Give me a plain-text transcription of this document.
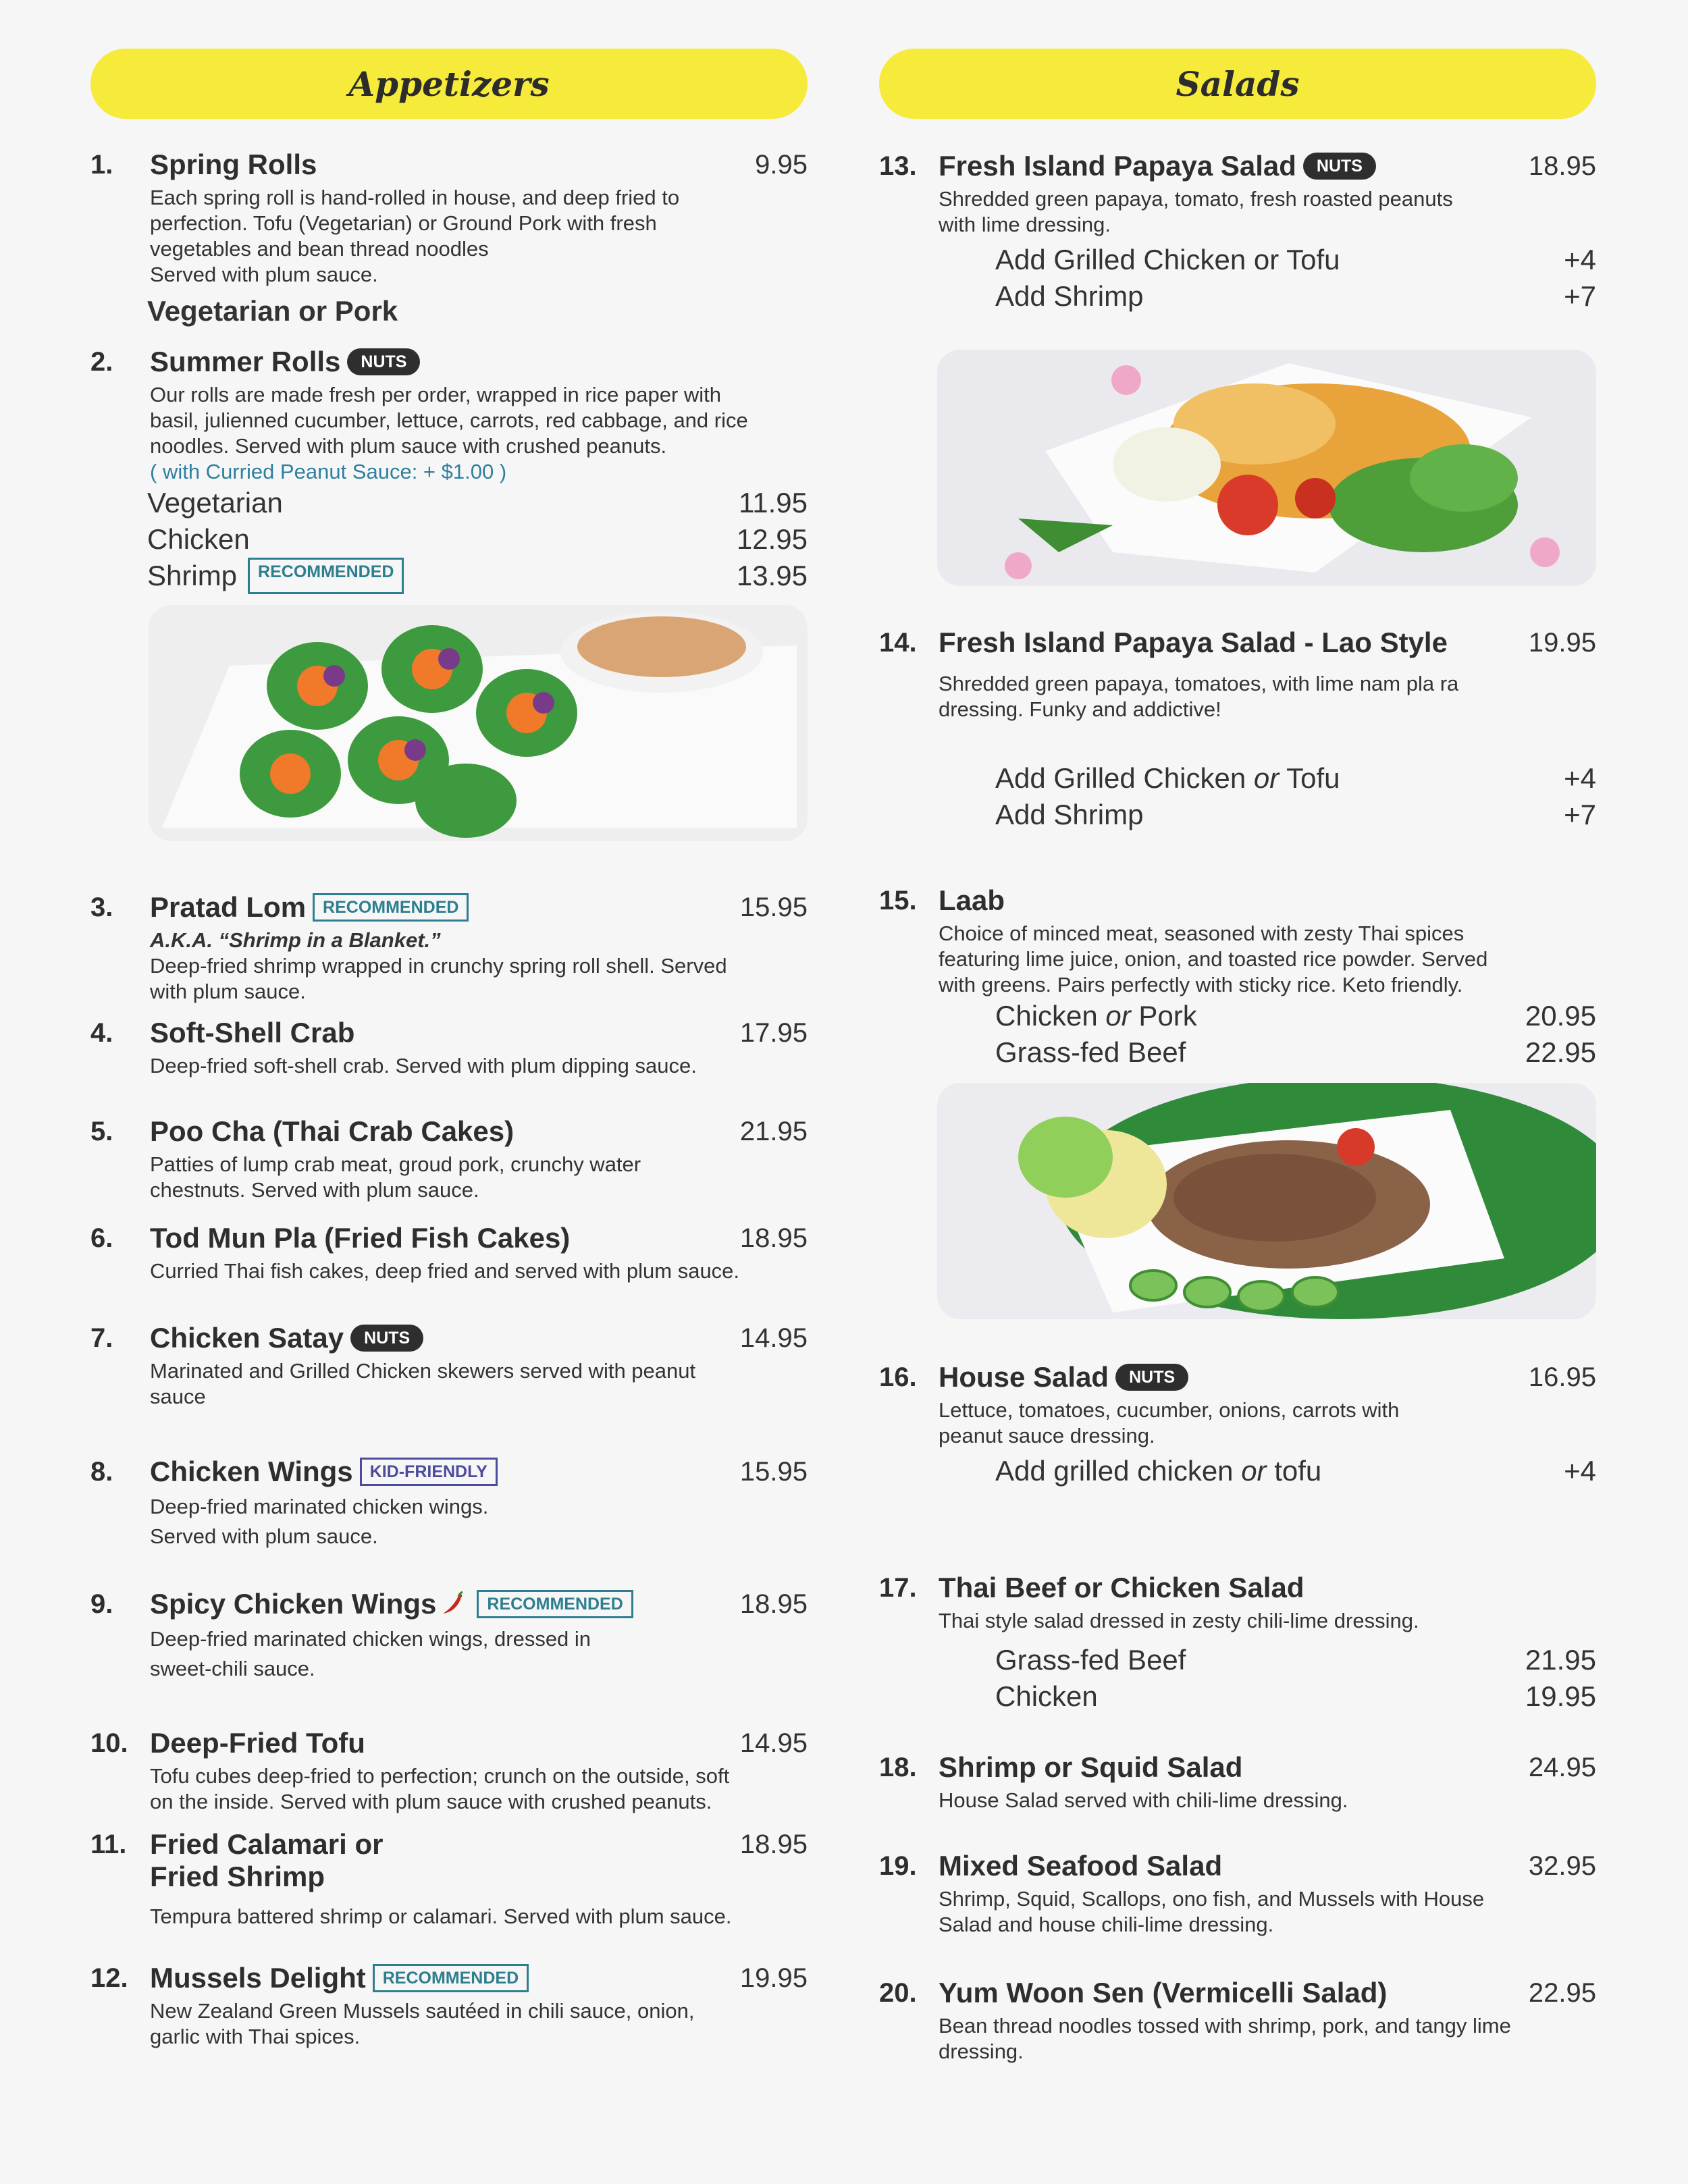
Appetizers
1.	Spring Rolls	9.95

Each spring roll is hand-rolled in house, and deep fried to

perfection. Tofu (Vegetarian) or Ground Pork with fresh

vegetables and bean thread noodles

Served with plum sauce.

Vegetarian or Pork
2.	Summer Rolls	NUTS

Our rolls are made fresh per order, wrapped in rice paper with

basil, julienned cucumber, lettuce, carrots, red cabbage, and rice

noodles. Served with plum sauce with crushed peanuts.

( with Curried Peanut Sauce: + $1.00 )

Vegetarian	11.95
Chicken	12.95
Shrimp	RECOMMENDED	13.95
3.	Pratad Lom	RECOMMENDED	15.95

A.K.A. “Shrimp in a Blanket.”

Deep-fried shrimp wrapped in crunchy spring roll shell. Served

with plum sauce.

4.	Soft-Shell Crab	17.95

Deep-fried soft-shell crab. Served with plum dipping sauce.

5.	Poo Cha (Thai Crab Cakes)	21.95

Patties of lump crab meat, groud pork, crunchy water

chestnuts. Served with plum sauce.

6.	Tod Mun Pla (Fried Fish Cakes)	18.95

Curried Thai fish cakes, deep fried and served with plum sauce.

7.	Chicken Satay	NUTS	14.95

Marinated and Grilled Chicken skewers served with peanut

sauce

8.	Chicken Wings	KID-FRIENDLY	15.95

Deep-fried marinated chicken wings.

Served with plum sauce.

9.	Spicy Chicken Wings	RECOMMENDED	18.95

Deep-fried marinated chicken wings, dressed in

sweet-chili sauce.

10. Deep-Fried Tofu	14.95

Tofu cubes deep-fried to perfection; crunch on the outside, soft

on the inside. Served with plum sauce with crushed peanuts.

11. Fried Calamari or	18.95
Fried Shrimp

Tempura battered shrimp or calamari. Served with plum sauce.

12. Mussels Delight	RECOMMENDED	19.95

New Zealand Green Mussels sautéed in chili sauce, onion,

garlic with Thai spices.

Salads
13. Fresh Island Papaya Salad	NUTS	18.95

Shredded green papaya, tomato, fresh roasted peanuts

with lime dressing.

Add Grilled Chicken or Tofu	+4
Add Shrimp	+7
14. Fresh Island Papaya Salad - Lao Style	19.95

Shredded green papaya, tomatoes, with lime nam pla ra

dressing. Funky and addictive!

Add Grilled Chicken or Tofu	+4
Add Shrimp	+7
15. Laab

Choice of minced meat, seasoned with zesty Thai spices

featuring lime juice, onion, and toasted rice powder. Served

with greens. Pairs perfectly with sticky rice. Keto friendly.

Chicken or Pork	20.95
Grass-fed Beef	22.95
16. House Salad	NUTS	16.95

Lettuce, tomatoes, cucumber, onions, carrots with

peanut sauce dressing.

Add grilled chicken or tofu	+4
17. Thai Beef or Chicken Salad

Thai style salad dressed in zesty chili-lime dressing.

Grass-fed Beef	21.95
Chicken	19.95
18. Shrimp or Squid Salad	24.95

House Salad served with chili-lime dressing.

19. Mixed Seafood Salad	32.95

Shrimp, Squid, Scallops, ono fish, and Mussels with House

Salad and house chili-lime dressing.

20. Yum Woon Sen (Vermicelli Salad)	22.95

Bean thread noodles tossed with shrimp, pork, and tangy lime

dressing.
